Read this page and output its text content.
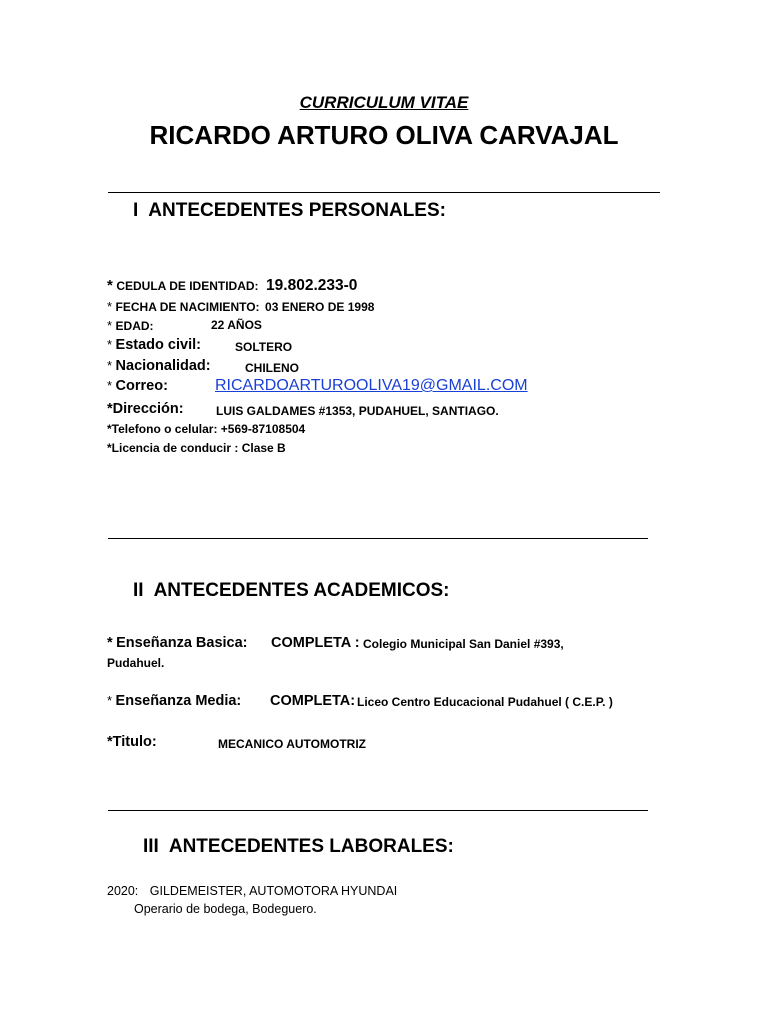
CURRICULUM VITAE
RICARDO ARTURO OLIVA CARVAJAL
I ANTECEDENTES PERSONALES:
* CEDULA DE IDENTIDAD: 19.802.233-0
* FECHA DE NACIMIENTO: 03 ENERO DE 1998
* EDAD:	22 AÑOS
* Estado civil:	SOLTERO
* Nacionalidad:	CHILENO
* Correo:	RICARDOARTUROOLIVA19@GMAIL.COM
*Dirección:	LUIS GALDAMES #1353, PUDAHUEL, SANTIAGO.
*Telefono o celular: +569-87108504
*Licencia de conducir : Clase B
II ANTECEDENTES ACADEMICOS:
* Enseñanza Basica: COMPLETA : Colegio Municipal San Daniel #393,
Pudahuel.
* Enseñanza Media: COMPLETA: Liceo Centro Educacional Pudahuel ( C.E.P. )
*Titulo:	MECANICO AUTOMOTRIZ
III ANTECEDENTES LABORALES:
2020: GILDEMEISTER, AUTOMOTORA HYUNDAI
Operario de bodega, Bodeguero.
